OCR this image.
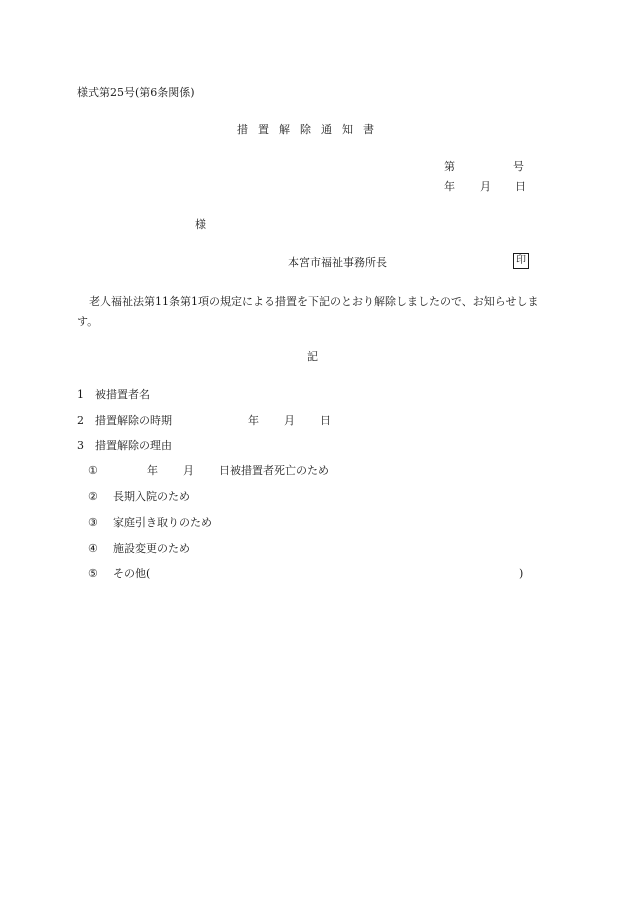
様式第25号(第6条関係)
措 置 解 除 通 知 書
第	号
年 月 日
様
本宮市福祉事務所長	印
老人福祉法第11条第1項の規定による措置を下記のとおり解除しましたので、お知らせします。
記
1 被措置者名
2 措置解除の時期	年 月 日
3 措置解除の理由
①	年 月 日被措置者死亡のため
② 長期入院のため
③ 家庭引き取りのため
④ 施設変更のため
⑤ その他(	)
